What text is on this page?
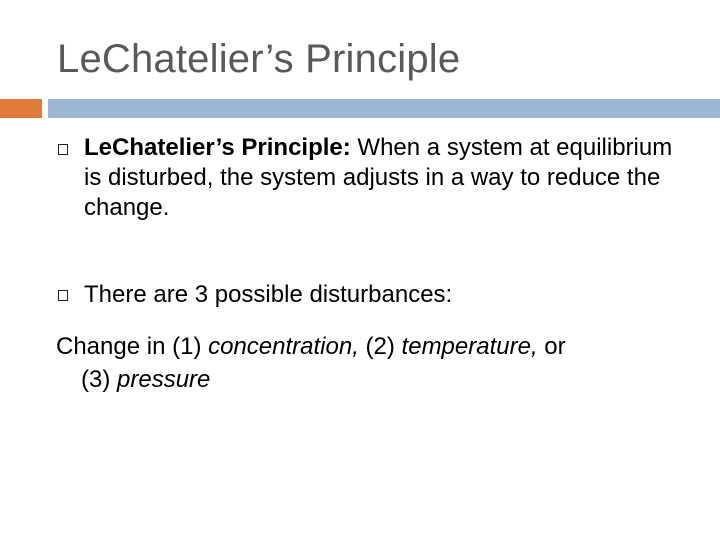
LeChatelier’s Principle
LeChatelier’s Principle: When a system at equilibrium is disturbed, the system adjusts in a way to reduce the change.
There are 3 possible disturbances:
Change in (1) concentration, (2) temperature, or
(3) pressure
